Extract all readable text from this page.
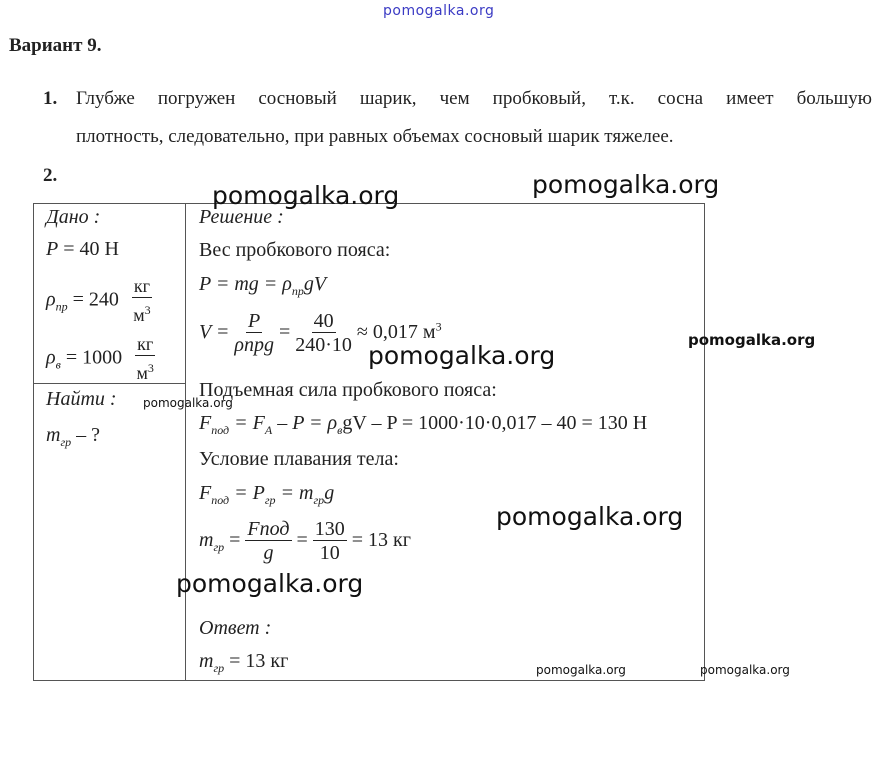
pomogalka.org
Вариант 9.
1. Глубже погружен сосновый шарик, чем пробковый, т.к. сосна имеет большую
плотность, следовательно, при равных объемах сосновый шарик тяжелее.
2.
Дано :
P = 40 Н
$\rho_{пр} = 240 \frac{кг}{м^3}$
$\rho_в = 1000 \frac{кг}{м^3}$
Найти :
$m_{гр}$ – ?
Решение :
Вес пробкового пояса:
P = mg = $\rho_{пр}gV$
$V = \frac{P}{\text{ρпрg}} = \frac{40}{240\cdot 10} \approx 0,017$ $м^3$
Подъемная сила пробкового пояса:
$F_{под} = F_A - P = \rho_вgV - P = 1000\cdot 10\cdot 0,017 - 40 = 130$ Н
Условие плавания тела:
$F_{под} = P_{гр} = m_{гр}g$
$m_{гр} = \frac{\text{Fпод}}{g} = \frac{130}{10} = 13$ кг
Ответ :
$m_{гр} = 13$ кг
pomogalka.org	pomogalka.org
pomogalka.org
pomogalka.org
pomogalka.org
pomogalka.org
pomogalka.org
pomogalka.org	pomogalka.org
